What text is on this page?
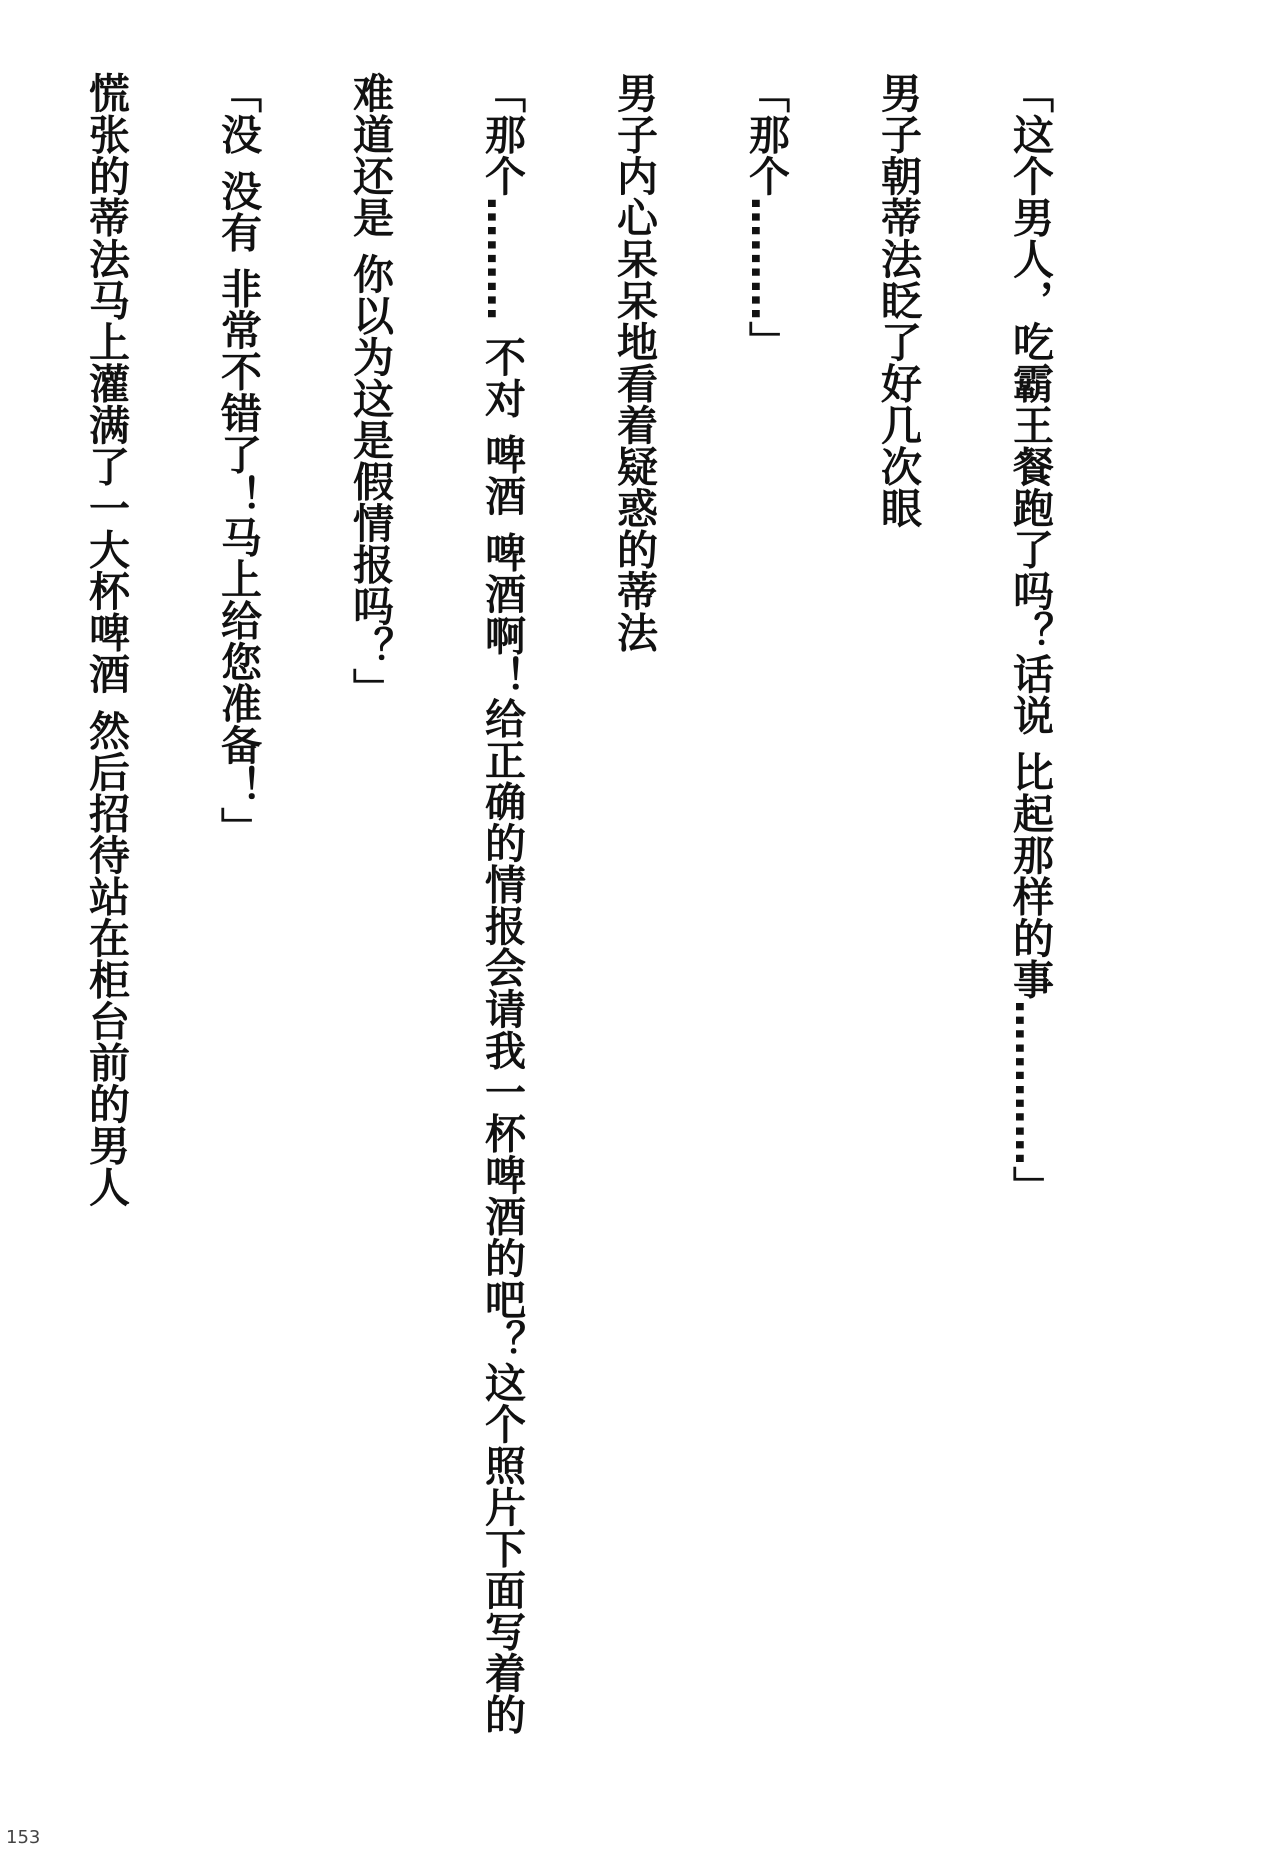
「这个男人，吃霸王餐跑了吗？话说 比起那样的事…………」

男子朝蒂法眨了好几次眼

「那个………」

男子内心呆呆地看着疑惑的蒂法

「那个……… 不对 啤酒 啤酒啊！给正确的情报会请我一杯啤酒的吧？这个照片下面写着的

难道还是 你以为这是假情报吗？」

「没 没有 非常不错了！马上给您准备！」

慌张的蒂法马上灌满了一大杯啤酒 然后招待站在柜台前的男人

153
